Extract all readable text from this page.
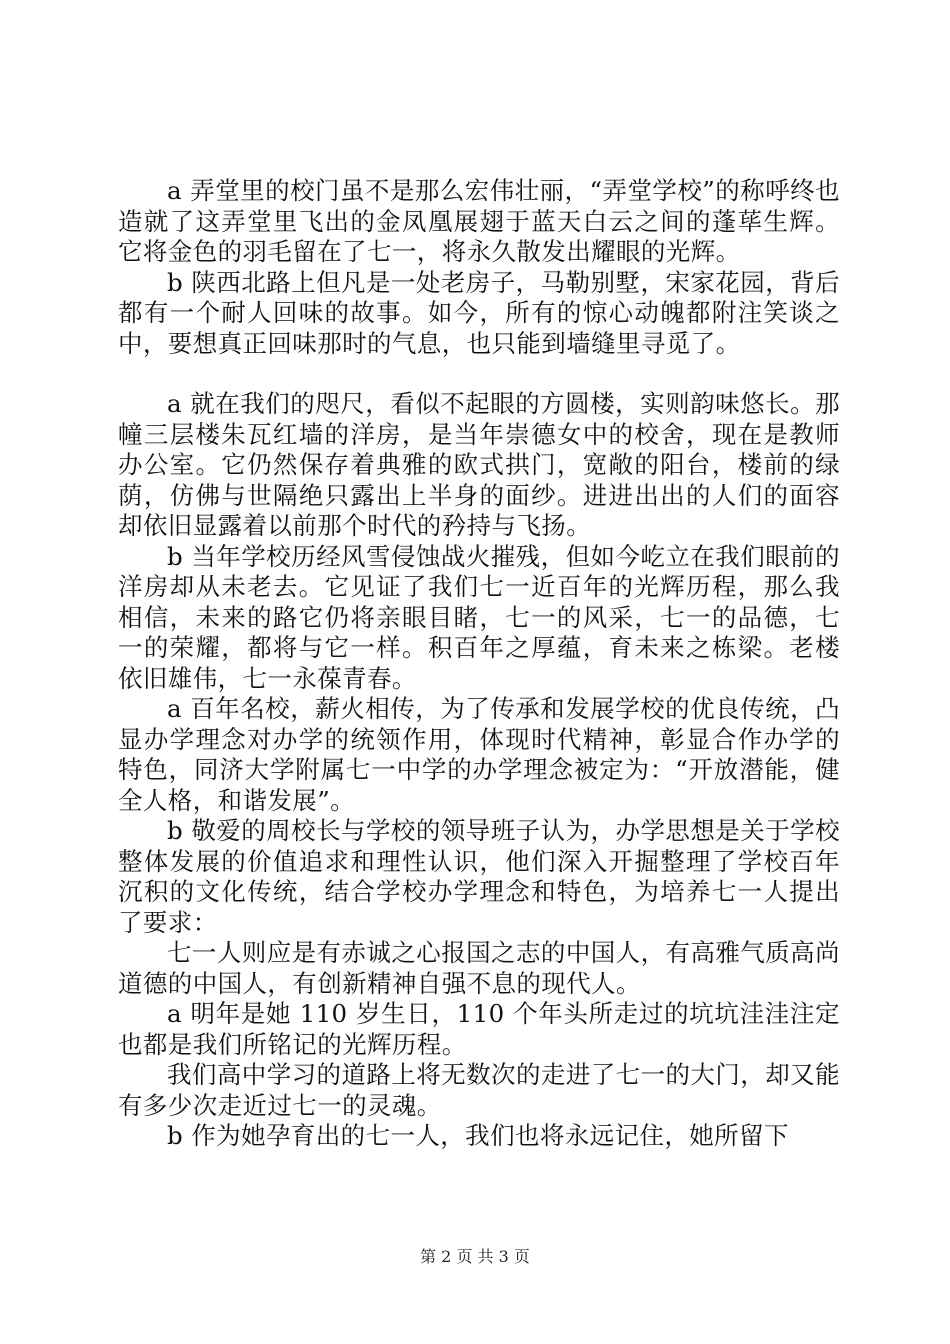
a 弄堂里的校门虽不是那么宏伟壮丽，“弄堂学校”的称呼终也造就了这弄堂里飞出的金凤凰展翅于蓝天白云之间的蓬荜生辉。它将金色的羽毛留在了七一，将永久散发出耀眼的光辉。

b 陕西北路上但凡是一处老房子，马勒别墅，宋家花园，背后都有一个耐人回味的故事。如今，所有的惊心动魄都附注笑谈之中，要想真正回味那时的气息，也只能到墙缝里寻觅了。

a 就在我们的咫尺，看似不起眼的方圆楼，实则韵味悠长。那幢三层楼朱瓦红墙的洋房，是当年崇德女中的校舍，现在是教师办公室。它仍然保存着典雅的欧式拱门，宽敞的阳台，楼前的绿荫，仿佛与世隔绝只露出上半身的面纱。进进出出的人们的面容却依旧显露着以前那个时代的矜持与飞扬。

b 当年学校历经风雪侵蚀战火摧残，但如今屹立在我们眼前的洋房却从未老去。它见证了我们七一近百年的光辉历程，那么我相信，未来的路它仍将亲眼目睹，七一的风采，七一的品德，七一的荣耀，都将与它一样。积百年之厚蕴，育未来之栋梁。老楼依旧雄伟，七一永葆青春。

a 百年名校，薪火相传，为了传承和发展学校的优良传统，凸显办学理念对办学的统领作用，体现时代精神，彰显合作办学的特色，同济大学附属七一中学的办学理念被定为：“开放潜能，健全人格，和谐发展”。

b 敬爱的周校长与学校的领导班子认为，办学思想是关于学校整体发展的价值追求和理性认识，他们深入开掘整理了学校百年沉积的文化传统，结合学校办学理念和特色，为培养七一人提出了要求：

七一人则应是有赤诚之心报国之志的中国人，有高雅气质高尚道德的中国人，有创新精神自强不息的现代人。

a 明年是她 110 岁生日，110 个年头所走过的坑坑洼洼注定也都是我们所铭记的光辉历程。

我们高中学习的道路上将无数次的走进了七一的大门，却又能有多少次走近过七一的灵魂。

b 作为她孕育出的七一人，我们也将永远记住，她所留下

第 2 页 共 3 页
